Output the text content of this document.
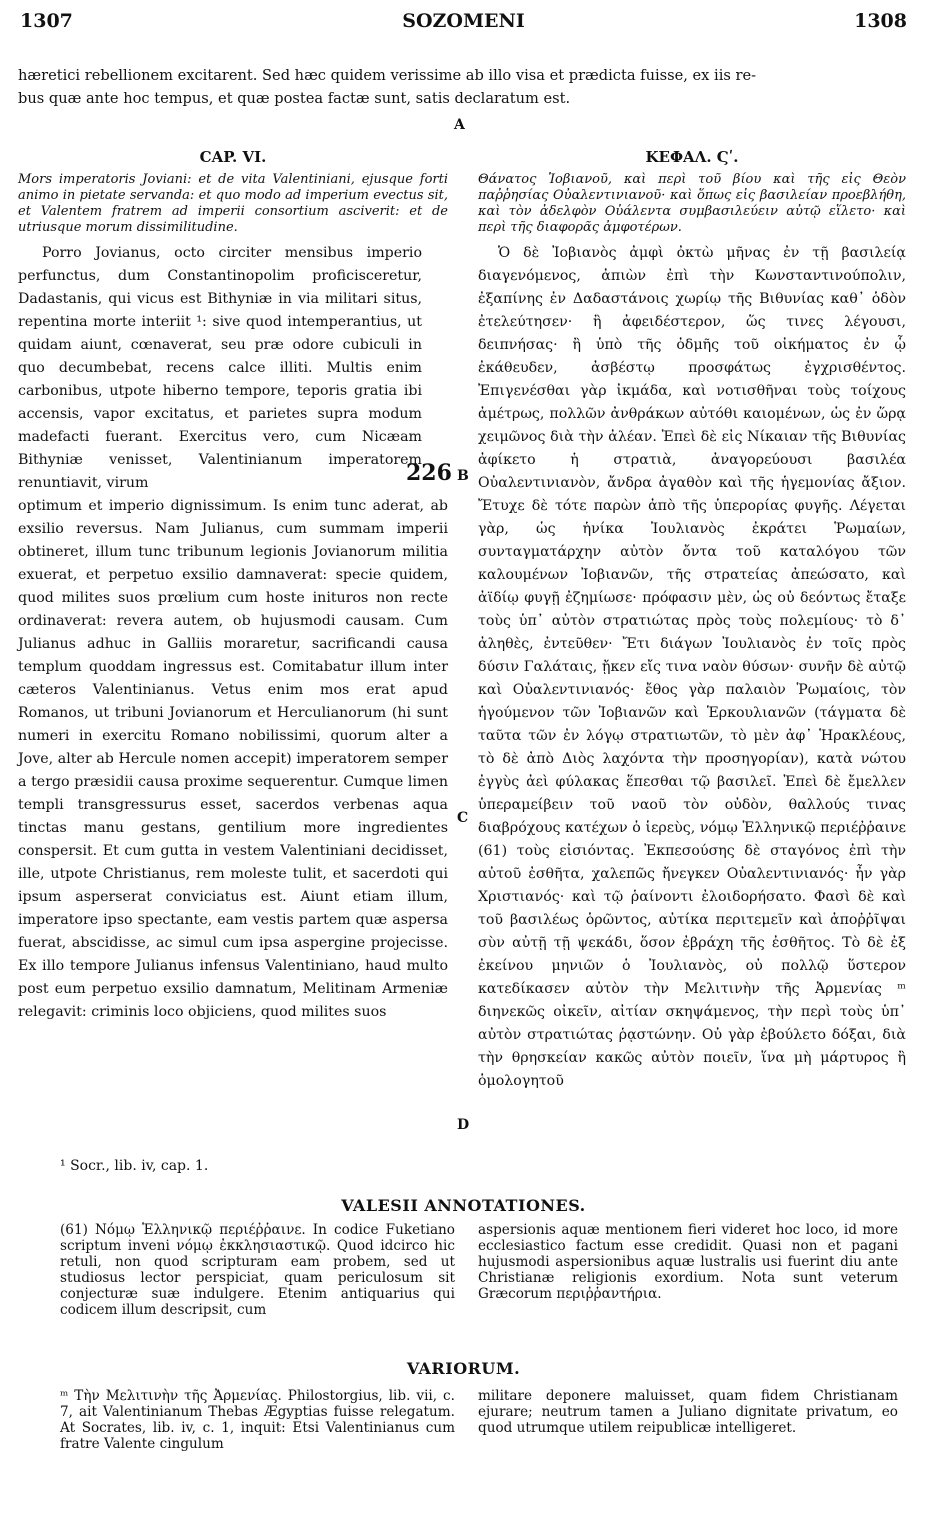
1307	SOZOMENI	1308
hæretici rebellionem excitarent. Sed hæc quidem verissime ab illo visa et prædicta fuisse, ex iis re-
bus quæ ante hoc tempus, et quæ postea factæ sunt, satis declaratum est.
A
226 B
C
D
CAP. VI.
Mors imperatoris Joviani: et de vita Valentiniani, ejusque forti animo in pietate servanda: et quo modo ad imperium evectus sit, et Valentem fratrem ad imperii consortium asciverit: et de utriusque morum dissimilitudine.

Porro Jovianus, octo circiter mensibus imperio perfunctus, dum Constantinopolim proficisceretur, Dadastanis, qui vicus est Bithyniæ in via militari situs, repentina morte interiit ¹: sive quod intemperantius, ut quidam aiunt, cœnaverat, seu præ odore cubiculi in quo decumbebat, recens calce illiti. Multis enim carbonibus, utpote hiberno tempore, teporis gratia ibi accensis, vapor excitatus, et parietes supra modum madefacti fuerant. Exercitus vero, cum Nicæam Bithyniæ venisset, Valentinianum imperatorem renuntiavit, virum

optimum et imperio dignissimum. Is enim tunc aderat, ab exsilio reversus. Nam Julianus, cum summam imperii obtineret, illum tunc tribunum legionis Jovianorum militia exuerat, et perpetuo exsilio damnaverat: specie quidem, quod milites suos prœlium cum hoste inituros non recte ordinaverat: revera autem, ob hujusmodi causam. Cum Julianus adhuc in Galliis moraretur, sacrificandi causa templum quoddam ingressus est. Comitabatur illum inter cæteros Valentinianus. Vetus enim mos erat apud Romanos, ut tribuni Jovianorum et Herculianorum (hi sunt numeri in exercitu Romano nobilissimi, quorum alter a Jove, alter ab Hercule nomen accepit) imperatorem semper a tergo præsidii causa proxime sequerentur. Cumque limen templi transgressurus esset, sacerdos verbenas aqua tinctas manu gestans, gentilium more ingredientes conspersit. Et cum gutta in vestem Valentiniani decidisset, ille, utpote Christianus, rem moleste tulit, et sacerdoti qui ipsum asperserat conviciatus est. Aiunt etiam illum, imperatore ipso spectante, eam vestis partem quæ aspersa fuerat, abscidisse, ac simul cum ipsa aspergine projecisse. Ex illo tempore Julianus infensus Valentiniano, haud multo post eum perpetuo exsilio damnatum, Melitinam Armeniæ relegavit: criminis loco objiciens, quod milites suos

ΚΕΦΑΛ. Ϛʹ.
Θάνατος Ἰοβιανοῦ, καὶ περὶ τοῦ βίου καὶ τῆς εἰς Θεὸν παῤῥησίας Οὐαλεντινιανοῦ· καὶ ὅπως εἰς βασιλείαν προεβλήθη, καὶ τὸν ἀδελφὸν Οὐάλεντα συμβασιλεύειν αὐτῷ εἵλετο· καὶ περὶ τῆς διαφορᾶς ἀμφοτέρων.

Ὁ δὲ Ἰοβιανὸς ἀμφὶ ὀκτὼ μῆνας ἐν τῇ βασιλείᾳ διαγενόμενος, ἀπιὼν ἐπὶ τὴν Κωνσταντινούπολιν, ἐξαπίνης ἐν Δαδαστάνοις χωρίῳ τῆς Βιθυνίας καθ᾽ ὁδὸν ἐτελεύτησεν· ἢ ἀφειδέστερον, ὥς τινες λέγουσι, δειπνήσας· ἢ ὑπὸ τῆς ὀδμῆς τοῦ οἰκήματος ἐν ᾧ ἐκάθευδεν, ἀσβέστῳ προσφάτως ἐγχρισθέντος. Ἐπιγενέσθαι γὰρ ἰκμάδα, καὶ νοτισθῆναι τοὺς τοίχους ἀμέτρως, πολλῶν ἀνθράκων αὐτόθι καιομένων, ὡς ἐν ὥρᾳ χειμῶνος διὰ τὴν ἀλέαν. Ἐπεὶ δὲ εἰς Νίκαιαν τῆς Βιθυνίας ἀφίκετο ἡ στρατιὰ, ἀναγορεύουσι βασιλέα Οὐαλεντινιανὸν, ἄνδρα ἀγαθὸν καὶ τῆς ἡγεμονίας ἄξιον. Ἔτυχε δὲ τότε παρὼν ἀπὸ τῆς ὑπερορίας φυγῆς. Λέγεται γὰρ, ὡς ἡνίκα Ἰουλιανὸς ἐκράτει Ῥωμαίων, συνταγματάρχην αὐτὸν ὄντα τοῦ καταλόγου τῶν καλουμένων Ἰοβιανῶν, τῆς στρατείας ἀπεώσατο, καὶ ἀϊδίῳ φυγῇ ἐζημίωσε· πρόφασιν μὲν, ὡς οὐ δεόντως ἔταξε τοὺς ὑπ᾽ αὐτὸν στρατιώτας πρὸς τοὺς πολεμίους· τὸ δ᾽ ἀληθὲς, ἐντεῦθεν· Ἔτι διάγων Ἰουλιανὸς ἐν τοῖς πρὸς δύσιν Γαλάταις, ᾔκεν εἴς τινα ναὸν θύσων· συνῆν δὲ αὐτῷ καὶ Οὐαλεντινιανός· ἔθος γὰρ παλαιὸν Ῥωμαίοις, τὸν ἡγούμενον τῶν Ἰοβιανῶν καὶ Ἑρκουλιανῶν (τάγματα δὲ ταῦτα τῶν ἐν λόγῳ στρατιωτῶν, τὸ μὲν ἀφ᾽ Ἡρακλέους, τὸ δὲ ἀπὸ Διὸς λαχόντα τὴν προσηγορίαν), κατὰ νώτου ἐγγὺς ἀεὶ φύλακας ἕπεσθαι τῷ βασιλεῖ. Ἐπεὶ δὲ ἔμελλεν ὑπεραμείβειν τοῦ ναοῦ τὸν οὐδὸν, θαλλούς τινας διαβρόχους κατέχων ὁ ἱερεὺς, νόμῳ Ἑλληνικῷ περιέῤῥαινε (61) τοὺς εἰσιόντας. Ἐκπεσούσης δὲ σταγόνος ἐπὶ τὴν αὐτοῦ ἐσθῆτα, χαλεπῶς ἤνεγκεν Οὐαλεντινιανός· ἦν γὰρ Χριστιανός· καὶ τῷ ῥαίνοντι ἐλοιδορήσατο. Φασὶ δὲ καὶ τοῦ βασιλέως ὁρῶντος, αὐτίκα περιτεμεῖν καὶ ἀποῤῥῖψαι σὺν αὐτῇ τῇ ψεκάδι, ὅσον ἐβράχη τῆς ἐσθῆτος. Τὸ δὲ ἐξ ἐκείνου μηνιῶν ὁ Ἰουλιανὸς, οὐ πολλῷ ὕστερον κατεδίκασεν αὐτὸν τὴν Μελιτινὴν τῆς Ἀρμενίας ᵐ διηνεκῶς οἰκεῖν, αἰτίαν σκηψάμενος, τὴν περὶ τοὺς ὑπ᾽ αὐτὸν στρατιώτας ῥᾳστώνην. Οὐ γὰρ ἐβούλετο δόξαι, διὰ τὴν θρησκείαν κακῶς αὐτὸν ποιεῖν, ἵνα μὴ μάρτυρος ἢ ὁμολογητοῦ

¹ Socr., lib. iv, cap. 1.
VALESII ANNOTATIONES.
(61) Νόμῳ Ἑλληνικῷ περιέῤῥαινε. In codice Fuketiano scriptum inveni νόμῳ ἐκκλησιαστικῷ. Quod idcirco hic retuli, non quod scripturam eam probem, sed ut studiosus lector perspiciat, quam periculosum sit conjecturæ suæ indulgere. Etenim antiquarius qui codicem illum descripsit, cum
aspersionis aquæ mentionem fieri videret hoc loco, id more ecclesiastico factum esse credidit. Quasi non et pagani hujusmodi aspersionibus aquæ lustralis usi fuerint diu ante Christianæ religionis exordium. Nota sunt veterum Græcorum περιῤῥαντήρια.
VARIORUM.
ᵐ Τὴν Μελιτινὴν τῆς Ἀρμενίας. Philostorgius, lib. vii, c. 7, ait Valentinianum Thebas Ægyptias fuisse relegatum. At Socrates, lib. iv, c. 1, inquit: Etsi Valentinianus cum fratre Valente cingulum
militare deponere maluisset, quam fidem Christianam ejurare; neutrum tamen a Juliano dignitate privatum, eo quod utrumque utilem reipublicæ intelligeret.
